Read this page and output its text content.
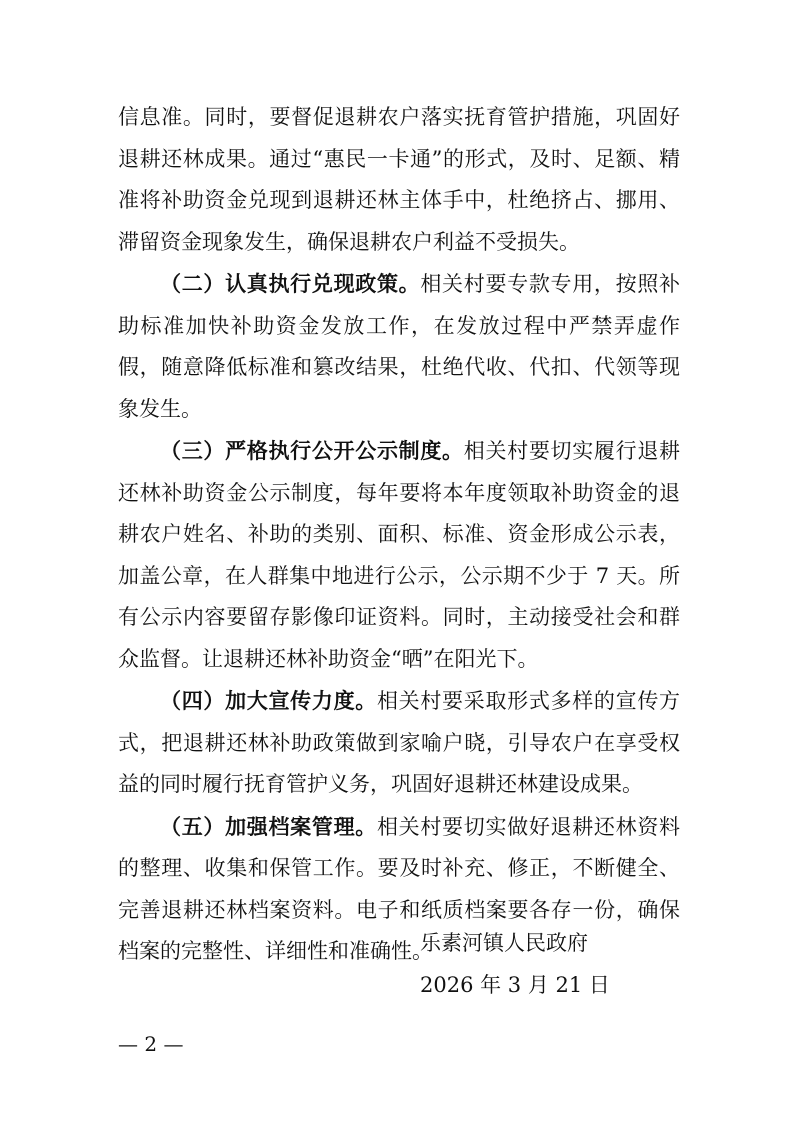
信息准。同时，要督促退耕农户落实抚育管护措施，巩固好退耕还林成果。通过“惠民一卡通”的形式，及时、足额、精准将补助资金兑现到退耕还林主体手中，杜绝挤占、挪用、滞留资金现象发生，确保退耕农户利益不受损失。

（二）认真执行兑现政策。相关村要专款专用，按照补助标准加快补助资金发放工作，在发放过程中严禁弄虚作假，随意降低标准和篡改结果，杜绝代收、代扣、代领等现象发生。

（三）严格执行公开公示制度。相关村要切实履行退耕还林补助资金公示制度，每年要将本年度领取补助资金的退耕农户姓名、补助的类别、面积、标准、资金形成公示表，加盖公章，在人群集中地进行公示，公示期不少于 7 天。所有公示内容要留存影像印证资料。同时，主动接受社会和群众监督。让退耕还林补助资金“晒”在阳光下。

（四）加大宣传力度。相关村要采取形式多样的宣传方式，把退耕还林补助政策做到家喻户晓，引导农户在享受权益的同时履行抚育管护义务，巩固好退耕还林建设成果。

（五）加强档案管理。相关村要切实做好退耕还林资料的整理、收集和保管工作。要及时补充、修正，不断健全、完善退耕还林档案资料。电子和纸质档案要各存一份，确保档案的完整性、详细性和准确性。

乐素河镇人民政府
2026 年 3 月 21 日
— 2 —
